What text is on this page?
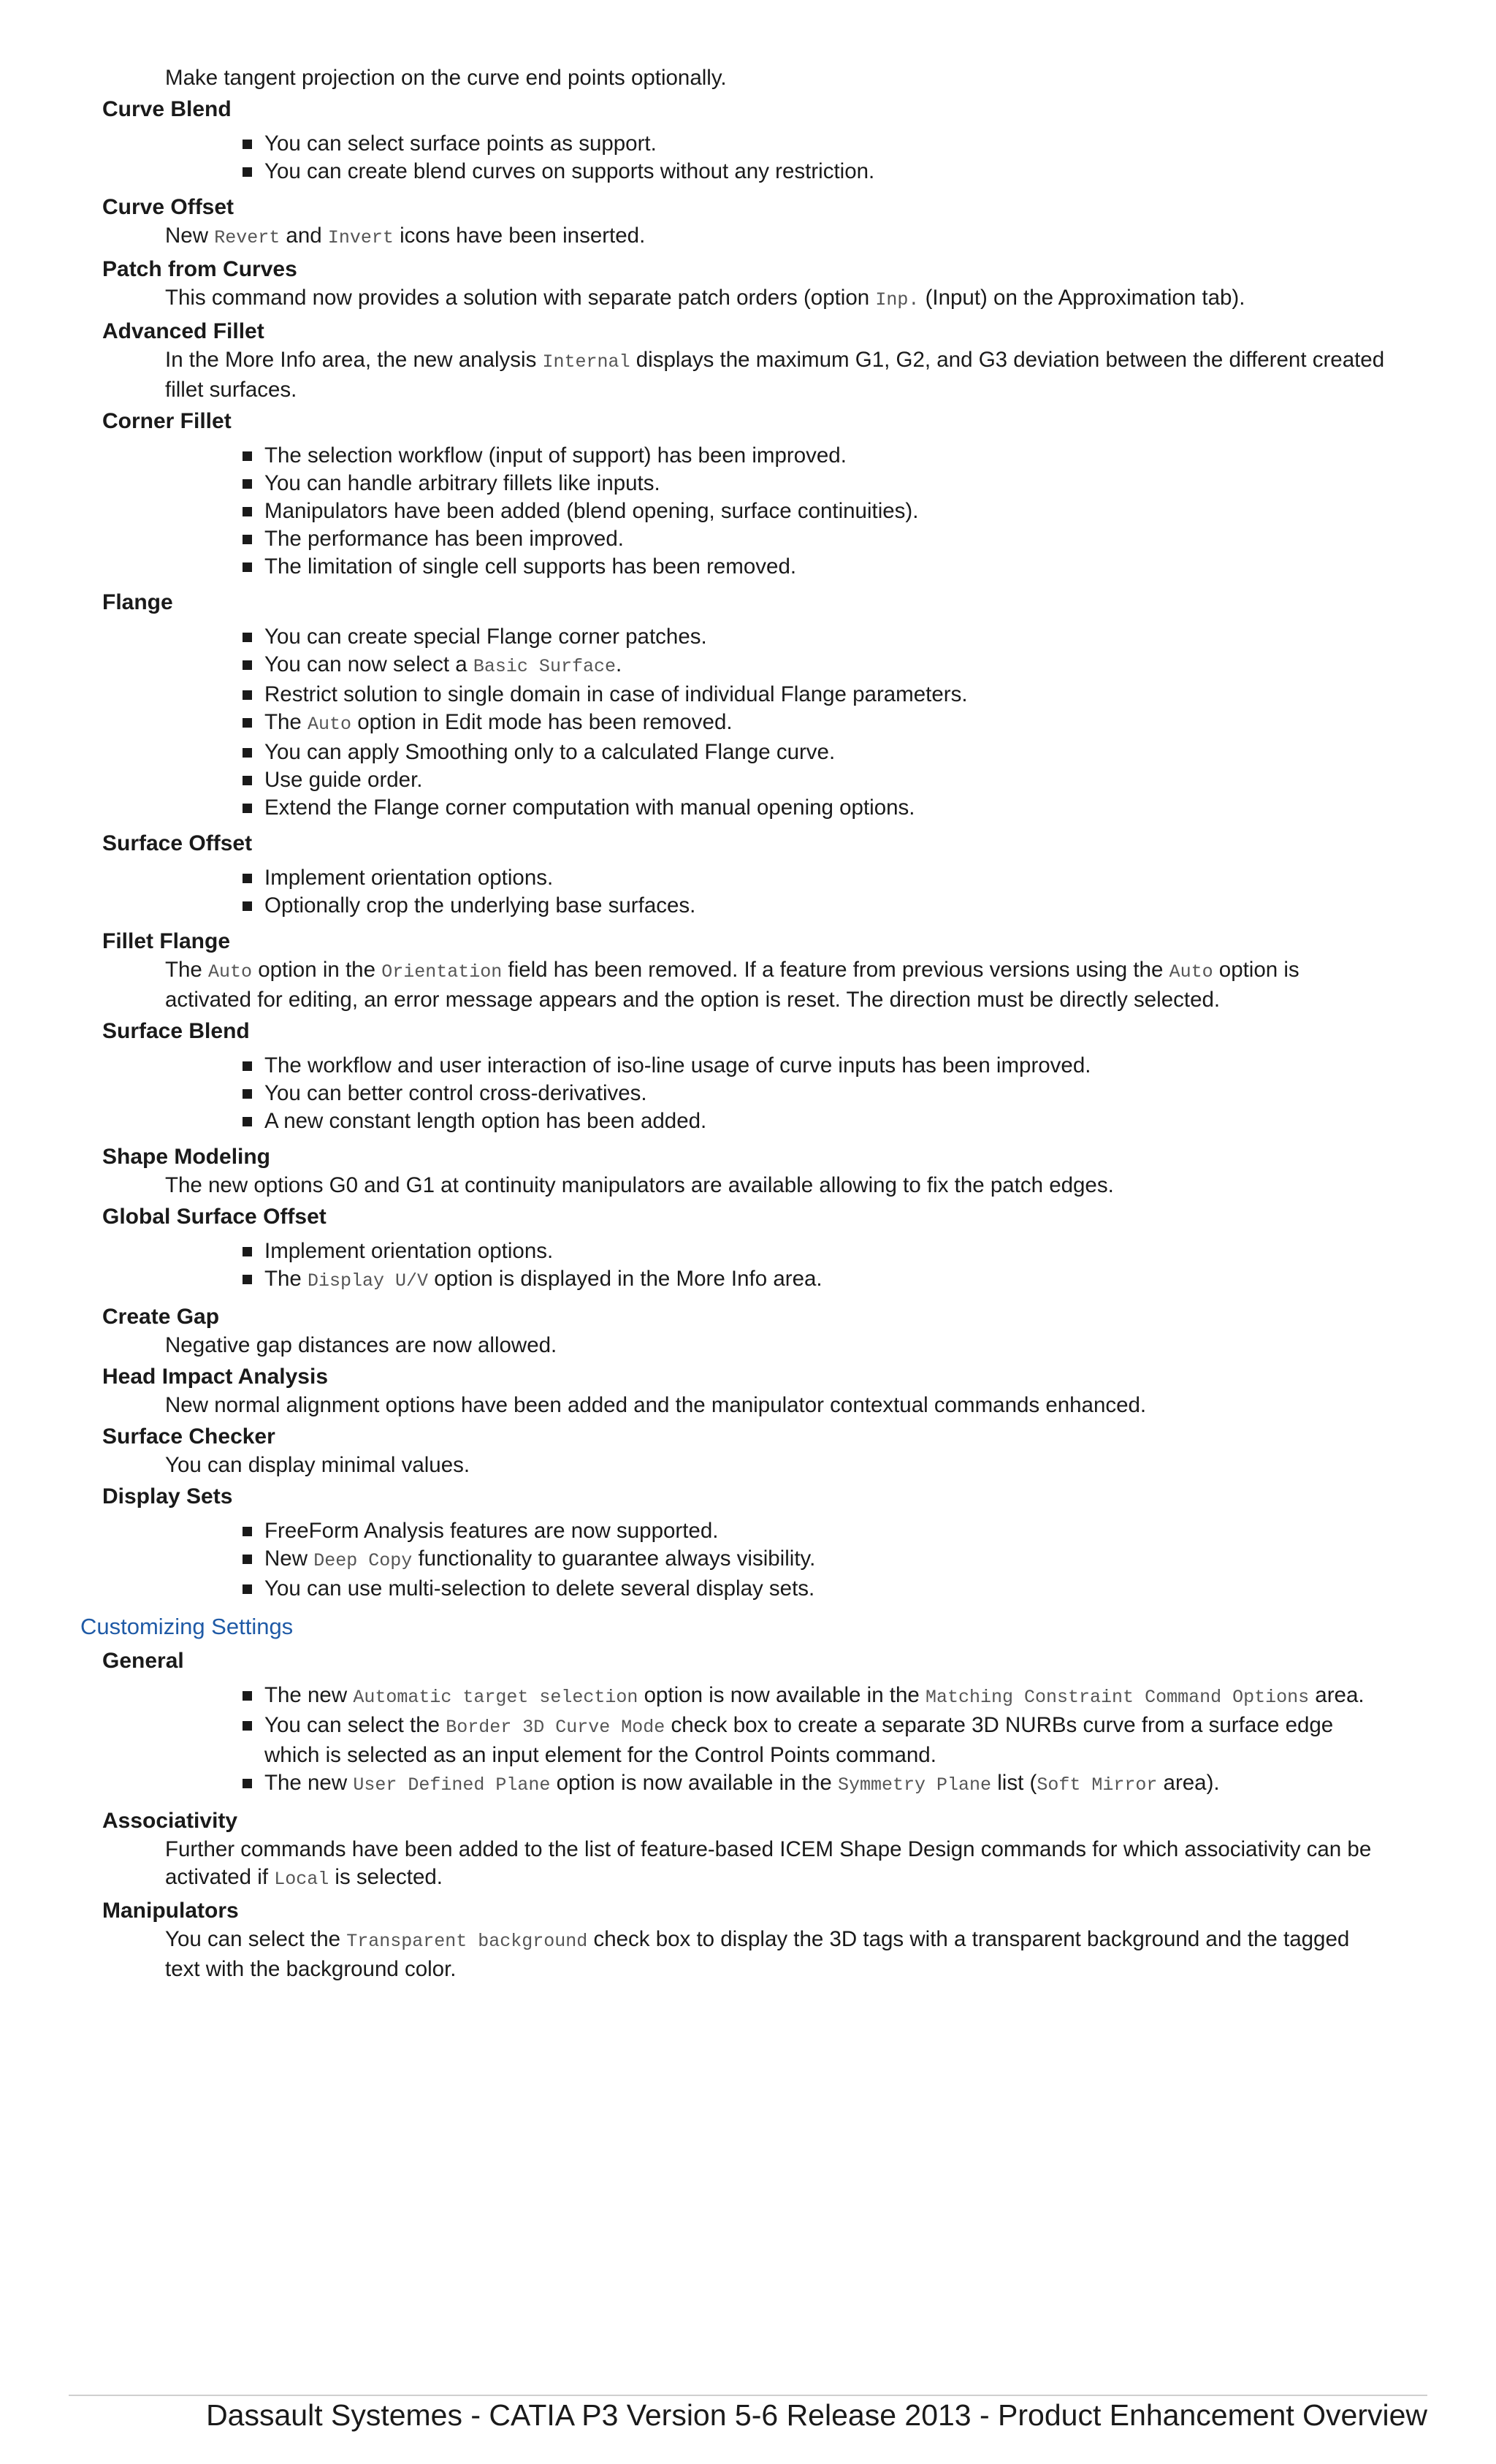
Make tangent projection on the curve end points optionally.
Curve Blend
You can select surface points as support.
You can create blend curves on supports without any restriction.
Curve Offset
New Revert and Invert icons have been inserted.
Patch from Curves
This command now provides a solution with separate patch orders (option Inp. (Input) on the Approximation tab).
Advanced Fillet
In the More Info area, the new analysis Internal displays the maximum G1, G2, and G3 deviation between the different created fillet surfaces.
Corner Fillet
The selection workflow (input of support) has been improved.
You can handle arbitrary fillets like inputs.
Manipulators have been added (blend opening, surface continuities).
The performance has been improved.
The limitation of single cell supports has been removed.
Flange
You can create special Flange corner patches.
You can now select a Basic Surface.
Restrict solution to single domain in case of individual Flange parameters.
The Auto option in Edit mode has been removed.
You can apply Smoothing only to a calculated Flange curve.
Use guide order.
Extend the Flange corner computation with manual opening options.
Surface Offset
Implement orientation options.
Optionally crop the underlying base surfaces.
Fillet Flange
The Auto option in the Orientation field has been removed. If a feature from previous versions using the Auto option is activated for editing, an error message appears and the option is reset. The direction must be directly selected.
Surface Blend
The workflow and user interaction of iso-line usage of curve inputs has been improved.
You can better control cross-derivatives.
A new constant length option has been added.
Shape Modeling
The new options G0 and G1 at continuity manipulators are available allowing to fix the patch edges.
Global Surface Offset
Implement orientation options.
The Display U/V option is displayed in the More Info area.
Create Gap
Negative gap distances are now allowed.
Head Impact Analysis
New normal alignment options have been added and the manipulator contextual commands enhanced.
Surface Checker
You can display minimal values.
Display Sets
FreeForm Analysis features are now supported.
New Deep Copy functionality to guarantee always visibility.
You can use multi-selection to delete several display sets.
Customizing Settings
General
The new Automatic target selection option is now available in the Matching Constraint Command Options area.
You can select the Border 3D Curve Mode check box to create a separate 3D NURBs curve from a surface edge which is selected as an input element for the Control Points command.
The new User Defined Plane option is now available in the Symmetry Plane list (Soft Mirror area).
Associativity
Further commands have been added to the list of feature-based ICEM Shape Design commands for which associativity can be activated if Local is selected.
Manipulators
You can select the Transparent background check box to display the 3D tags with a transparent background and the tagged text with the background color.
Dassault Systemes - CATIA P3 Version 5-6 Release 2013 - Product Enhancement Overview
